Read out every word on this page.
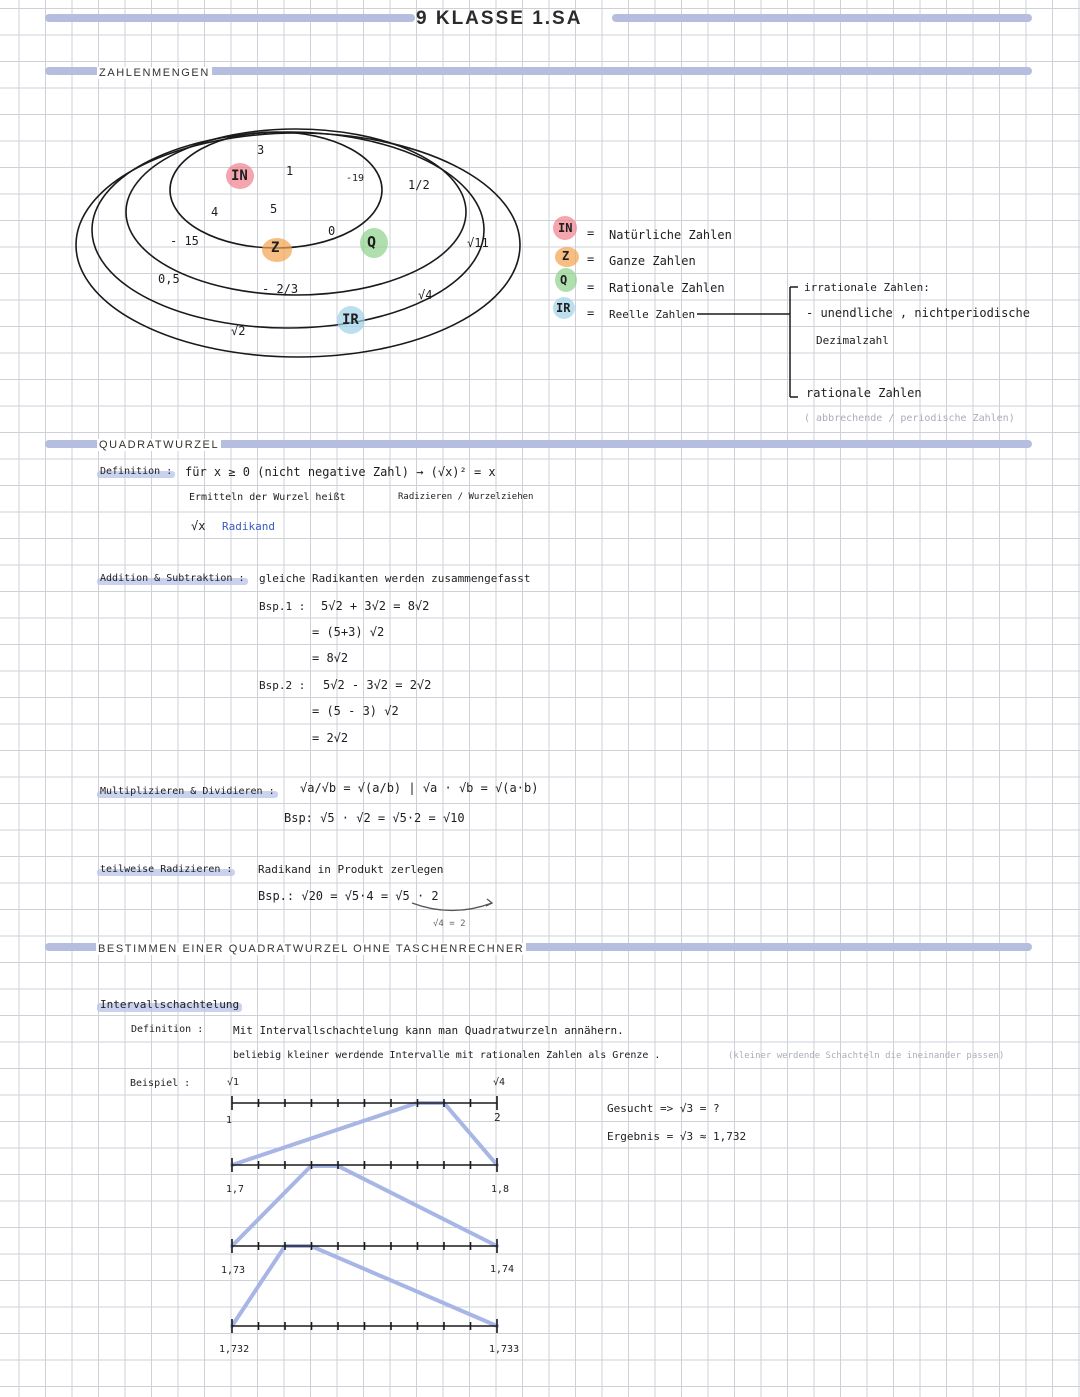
9 KLASSE 1.SA
ZAHLENMENGEN
IN
Z	Q
IR
3
1
4	5
-19
0
- 15
1/2
0,5
- 2/3
√11
√4
√2
IN = Natürliche Zahlen
Z = Ganze Zahlen
Q = Rationale Zahlen
IR = Reelle Zahlen
irrationale Zahlen:
- unendliche , nichtperiodische
Dezimalzahl
rationale Zahlen
( abbrechende / periodische Zahlen)
QUADRATWURZEL
Definition : für x ≥ 0 (nicht negative Zahl) → (√x)² = x
Ermitteln der Wurzel heißt	Radizieren / Wurzelziehen
√x Radikand
Addition & Subtraktion : gleiche Radikanten werden zusammengefasst
Bsp.1 : 5√2 + 3√2 = 8√2
= (5+3) √2
= 8√2
Bsp.2 : 5√2 - 3√2 = 2√2
= (5 - 3) √2
= 2√2
Multiplizieren & Dividieren : √a/√b = √(a/b) | √a · √b = √(a·b)
Bsp: √5 · √2 = √5·2 = √10
teilweise Radizieren : Radikand in Produkt zerlegen
Bsp.: √20 = √5·4 = √5 · 2
√4 = 2
BESTIMMEN EINER QUADRATWURZEL OHNE TASCHENRECHNER
Intervallschachtelung
Definition :	Mit Intervallschachtelung kann man Quadratwurzeln annähern.
beliebig kleiner werdende Intervalle mit rationalen Zahlen als Grenze .	(kleiner werdende Schachteln die ineinander passen)
Beispiel :
Gesucht => √3 = ?
Ergebnis = √3 ≈ 1,732
√1	√4
1	2
1,7	1,8
1,73	1,74
1,732	1,733
